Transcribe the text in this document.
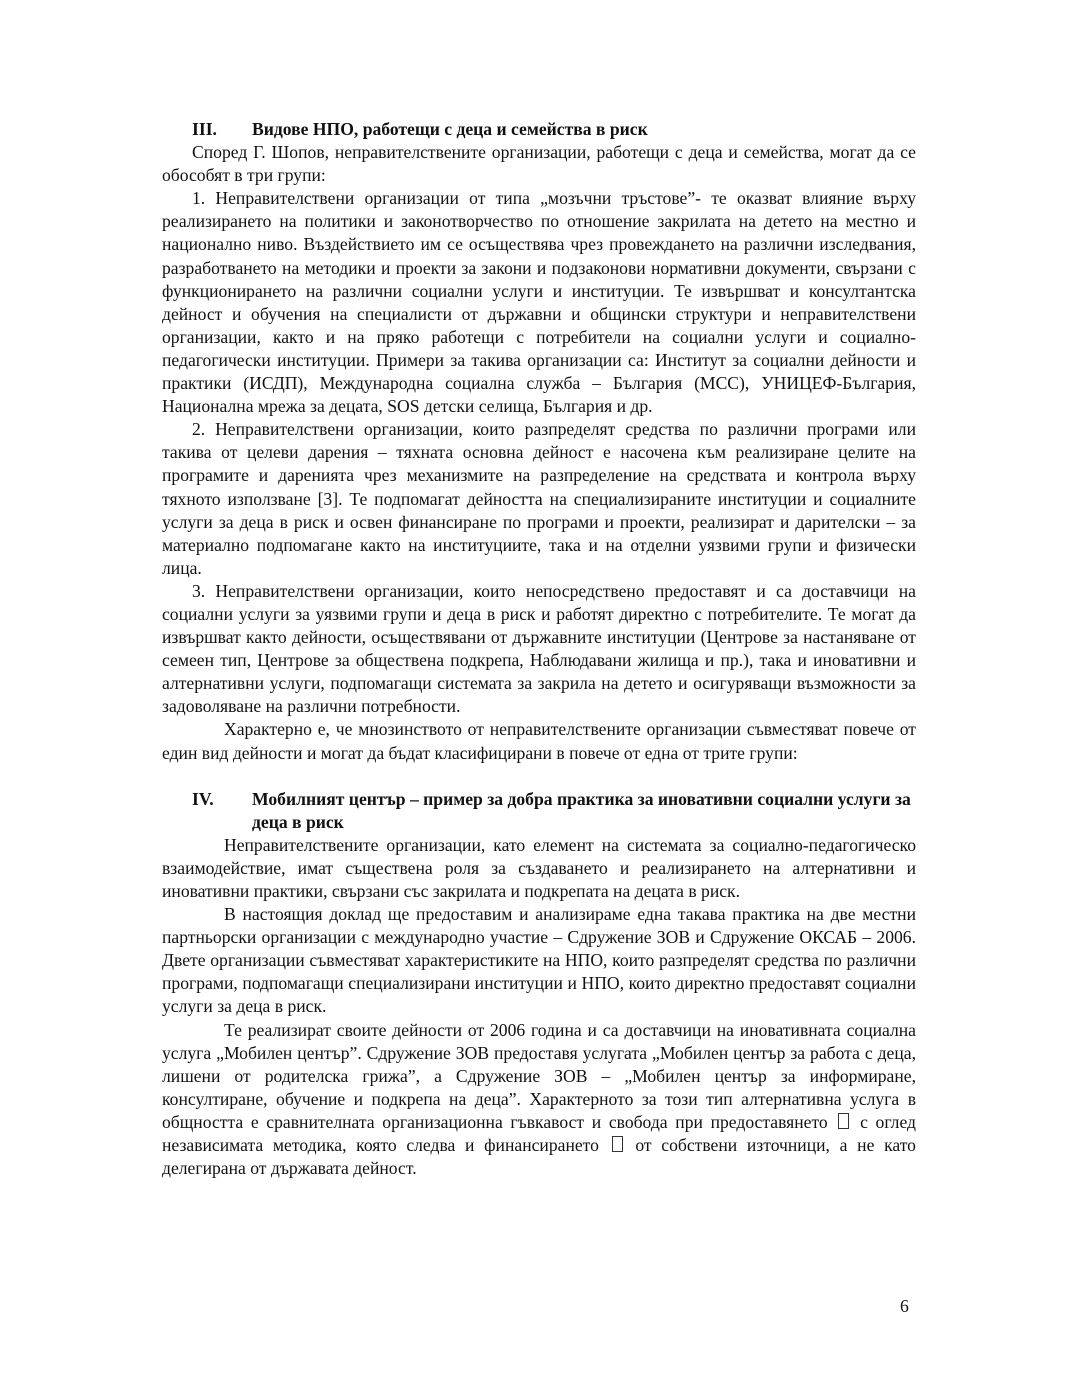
III.	Видове НПО, работещи с деца и семейства в риск

Според Г. Шопов, неправителствените организации, работещи с деца и семейства, могат да се обособят в три групи:

1. Неправителствени организации от типа „мозъчни тръстове”- те оказват влияние върху реализирането на политики и законотворчество по отношение закрилата на детето на местно и национално ниво. Въздействието им се осъществява чрез провеждането на различни изследвания, разработването на методики и проекти за закони и подзаконови нормативни документи, свързани с функционирането на различни социални услуги и институции. Те извършват и консултантска дейност и обучения на специалисти от държавни и общински структури и неправителствени организации, както и на пряко работещи с потребители на социални услуги и социално-педагогически институции. Примери за такива организации са: Институт за социални дейности и практики (ИСДП), Международна социална служба – България (МСС), УНИЦЕФ-България, Национална мрежа за децата, SOS детски селища, България и др.

2. Неправителствени организации, които разпределят средства по различни програми или такива от целеви дарения – тяхната основна дейност е насочена към реализиране целите на програмите и даренията чрез механизмите на разпределение на средствата и контрола върху тяхното използване [3]. Те подпомагат дейността на специализираните институции и социалните услуги за деца в риск и освен финансиране по програми и проекти, реализират и дарителски – за материално подпомагане както на институциите, така и на отделни уязвими групи и физически лица.

3. Неправителствени организации, които непосредствено предоставят и са доставчици на социални услуги за уязвими групи и деца в риск и работят директно с потребителите. Те могат да извършват както дейности, осъществявани от държавните институции (Центрове за настаняване от семеен тип, Центрове за обществена подкрепа, Наблюдавани жилища и пр.), така и иновативни и алтернативни услуги, подпомагащи системата за закрила на детето и осигуряващи възможности за задоволяване на различни потребности.

Характерно е, че мнозинството от неправителствените организации съвместяват повече от един вид дейности и могат да бъдат класифицирани в повече от една от трите групи:

IV.	Мобилният център – пример за добра практика за иновативни социални услуги за деца в риск

Неправителствените организации, като елемент на системата за социално-педагогическо взаимодействие, имат съществена роля за създаването и реализирането на алтернативни и иновативни практики, свързани със закрилата и подкрепата на децата в риск.

В настоящия доклад ще предоставим и анализираме една такава практика на две местни партньорски организации с международно участие – Сдружение ЗОВ и Сдружение ОКСАБ – 2006. Двете организации съвместяват характеристиките на НПО, които разпределят средства по различни програми, подпомагащи специализирани институции и НПО, които директно предоставят социални услуги за деца в риск.

Те реализират своите дейности от 2006 година и са доставчици на иновативната социална услуга „Мобилен център”. Сдружение ЗОВ предоставя услугата „Мобилен център за работа с деца, лишени от родителска грижа”, а Сдружение ЗОВ – „Мобилен център за информиране, консултиране, обучение и подкрепа на деца”. Характерното за този тип алтернативна услуга в общността е сравнителната организационна гъвкавост и свобода при предоставянето с оглед независимата методика, която следва и финансирането от собствени източници, а не като делегирана от държавата дейност.

6
